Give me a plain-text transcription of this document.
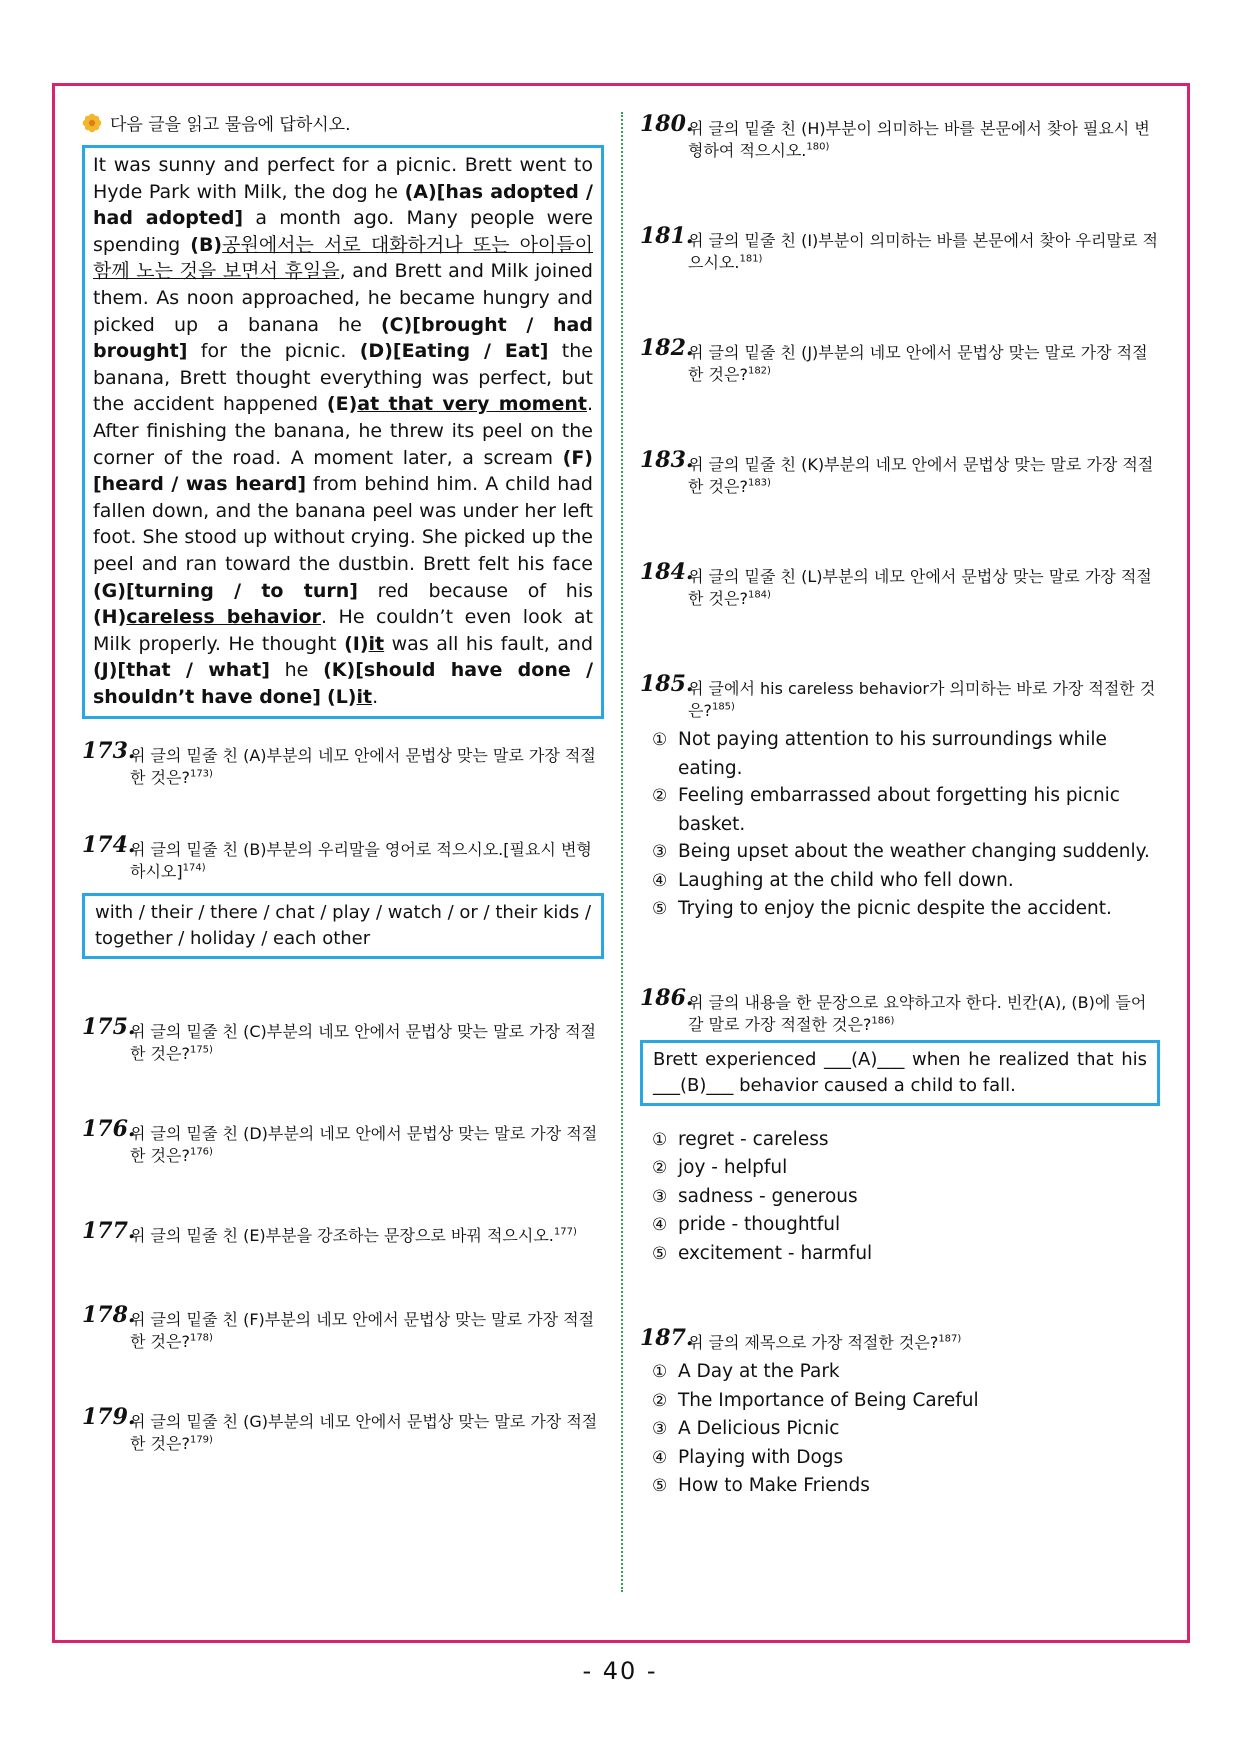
다음 글을 읽고 물음에 답하시오.
It was sunny and perfect for a picnic. Brett went to Hyde Park with Milk, the dog he (A)[has adopted / had adopted] a month ago. Many people were spending (B)공원에서는 서로 대화하거나 또는 아이들이 함께 노는 것을 보면서 휴일을, and Brett and Milk joined them. As noon approached, he became hungry and picked up a banana he (C)[brought / had brought] for the picnic. (D)[Eating / Eat] the banana, Brett thought everything was perfect, but the accident happened (E)at that very moment. After finishing the banana, he threw its peel on the corner of the road. A moment later, a scream (F)[heard / was heard] from behind him. A child had fallen down, and the banana peel was under her left foot. She stood up without crying. She picked up the peel and ran toward the dustbin. Brett felt his face (G)[turning / to turn] red because of his (H)careless behavior. He couldn’t even look at Milk properly. He thought (I)it was all his fault, and (J)[that / what] he (K)[should have done / shouldn’t have done] (L)it.
173.
위 글의 밑줄 친 (A)부분의 네모 안에서 문법상 맞는 말로 가장 적절한 것은?$^{173)}$
174.
위 글의 밑줄 친 (B)부분의 우리말을 영어로 적으시오.[필요시 변형하시오]$^{174)}$
with / their / there / chat / play / watch / or / their kids / together / holiday / each other
175.
위 글의 밑줄 친 (C)부분의 네모 안에서 문법상 맞는 말로 가장 적절한 것은?$^{175)}$
176.
위 글의 밑줄 친 (D)부분의 네모 안에서 문법상 맞는 말로 가장 적절한 것은?$^{176)}$
177.
위 글의 밑줄 친 (E)부분을 강조하는 문장으로 바꿔 적으시오.$^{177)}$
178.
위 글의 밑줄 친 (F)부분의 네모 안에서 문법상 맞는 말로 가장 적절한 것은?$^{178)}$
179.
위 글의 밑줄 친 (G)부분의 네모 안에서 문법상 맞는 말로 가장 적절한 것은?$^{179)}$
180.
위 글의 밑줄 친 (H)부분이 의미하는 바를 본문에서 찾아 필요시 변형하여 적으시오.$^{180)}$
181.
위 글의 밑줄 친 (I)부분이 의미하는 바를 본문에서 찾아 우리말로 적으시오.$^{181)}$
182.
위 글의 밑줄 친 (J)부분의 네모 안에서 문법상 맞는 말로 가장 적절한 것은?$^{182)}$
183.
위 글의 밑줄 친 (K)부분의 네모 안에서 문법상 맞는 말로 가장 적절한 것은?$^{183)}$
184.
위 글의 밑줄 친 (L)부분의 네모 안에서 문법상 맞는 말로 가장 적절한 것은?$^{184)}$
185.
위 글에서 his careless behavior가 의미하는 바로 가장 적절한 것은?$^{185)}$
① Not paying attention to his surroundings while eating.
② Feeling embarrassed about forgetting his picnic basket.
③ Being upset about the weather changing suddenly.
④ Laughing at the child who fell down.
⑤ Trying to enjoy the picnic despite the accident.
186.
위 글의 내용을 한 문장으로 요약하고자 한다. 빈칸(A), (B)에 들어갈 말로 가장 적절한 것은?$^{186)}$
Brett experienced ___(A)___ when he realized that his ___(B)___ behavior caused a child to fall.
① regret - careless
② joy - helpful
③ sadness - generous
④ pride - thoughtful
⑤ excitement - harmful
187.
위 글의 제목으로 가장 적절한 것은?$^{187)}$
① A Day at the Park
② The Importance of Being Careful
③ A Delicious Picnic
④ Playing with Dogs
⑤ How to Make Friends
- 40 -
